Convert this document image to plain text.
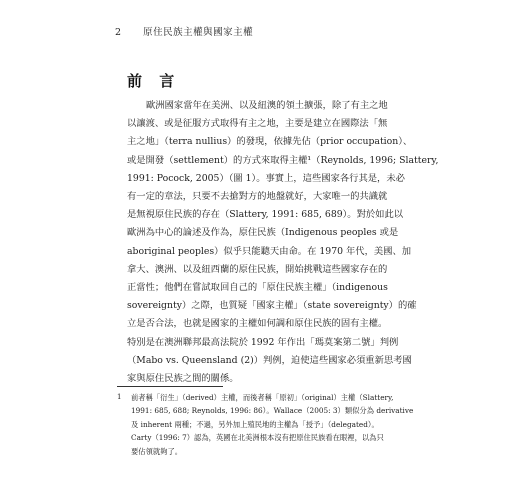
2 原住民族主權與國家主權
前 言
歐洲國家當年在美洲、以及紐澳的領土擴張，除了有主之地
以讓渡、或是征服方式取得有主之地，主要是建立在國際法「無
主之地」（terra nullius）的發現，依據先佔（prior occupation）、
或是開發（settlement）的方式來取得主權¹（Reynolds, 1996; Slattery,
1991: Pocock, 2005）（圖 1）。事實上，這些國家各行其是，未必
有一定的章法，只要不去搶對方的地盤就好，大家唯一的共識就
是無視原住民族的存在（Slattery, 1991: 685, 689）。對於如此以
歐洲為中心的論述及作為，原住民族（Indigenous peoples 或是
aboriginal peoples）似乎只能聽天由命。在 1970 年代，美國、加
拿大、澳洲、以及紐西蘭的原住民族，開始挑戰這些國家存在的
正當性；他們在嘗試取回自己的「原住民族主權」（indigenous
sovereignty）之際，也質疑「國家主權」（state sovereignty）的確
立是否合法，也就是國家的主權如何調和原住民族的固有主權。
特別是在澳洲聯邦最高法院於 1992 年作出「瑪莫案第二號」判例
（Mabo vs. Queensland (2)）判例，迫使這些國家必須重新思考國
家與原住民族之間的關係。
1 前者稱「衍生」（derived）主權，而後者稱「原初」（original）主權（Slattery,
1991: 685, 688; Reynolds, 1996: 86）。Wallace（2005: 3）類似分為 derivative
及 inherent 兩種；不過，另外加上殖民地的主權為「授予」（delegated）。
Carty（1996: 7）認為，英國在北美洲根本沒有把原住民族看在眼裡，以為只
要佔領就夠了。
